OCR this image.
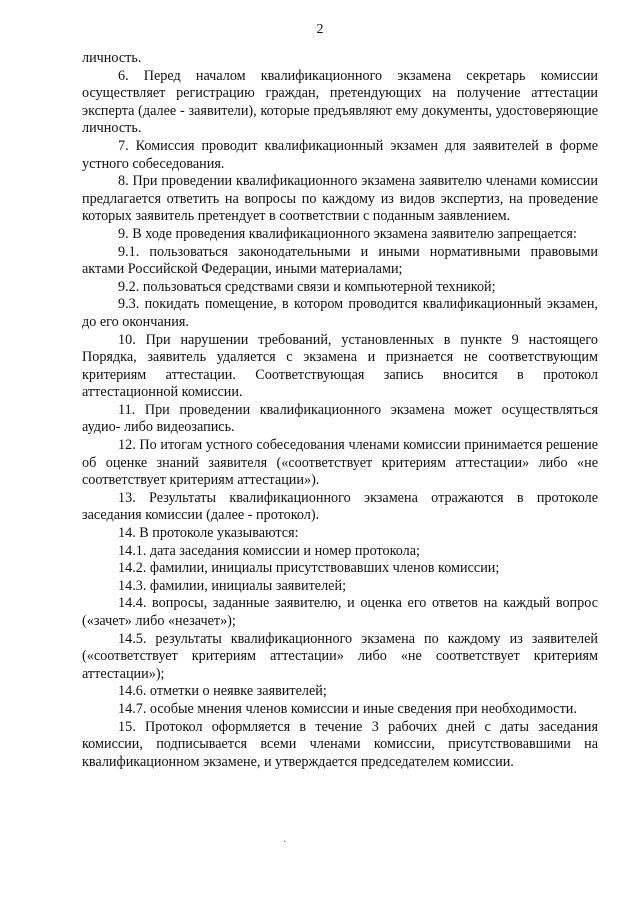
2

личность.

6. Перед началом квалификационного экзамена секретарь комиссии осуществляет регистрацию граждан, претендующих на получение аттестации эксперта (далее - заявители), которые предъявляют ему документы, удостоверяющие личность.

7. Комиссия проводит квалификационный экзамен для заявителей в форме устного собеседования.

8. При проведении квалификационного экзамена заявителю членами комиссии предлагается ответить на вопросы по каждому из видов экспертиз, на проведение которых заявитель претендует в соответствии с поданным заявлением.

9. В ходе проведения квалификационного экзамена заявителю запрещается:

9.1. пользоваться законодательными и иными нормативными правовыми актами Российской Федерации, иными материалами;

9.2. пользоваться средствами связи и компьютерной техникой;

9.3. покидать помещение, в котором проводится квалификационный экзамен, до его окончания.

10. При нарушении требований, установленных в пункте 9 настоящего Порядка, заявитель удаляется с экзамена и признается не соответствующим критериям аттестации. Соответствующая запись вносится в протокол аттестационной комиссии.

11. При проведении квалификационного экзамена может осуществляться аудио- либо видеозапись.

12. По итогам устного собеседования членами комиссии принимается решение об оценке знаний заявителя («соответствует критериям аттестации» либо «не соответствует критериям аттестации»).

13. Результаты квалификационного экзамена отражаются в протоколе заседания комиссии (далее - протокол).

14. В протоколе указываются:

14.1. дата заседания комиссии и номер протокола;

14.2. фамилии, инициалы присутствовавших членов комиссии;

14.3. фамилии, инициалы заявителей;

14.4. вопросы, заданные заявителю, и оценка его ответов на каждый вопрос («зачет» либо «незачет»);

14.5. результаты квалификационного экзамена по каждому из заявителей («соответствует критериям аттестации» либо «не соответствует критериям аттестации»);

14.6. отметки о неявке заявителей;

14.7. особые мнения членов комиссии и иные сведения при необходимости.

15. Протокол оформляется в течение 3 рабочих дней с даты заседания комиссии, подписывается всеми членами комиссии, присутствовавшими на квалификационном экзамене, и утверждается председателем комиссии.

·
